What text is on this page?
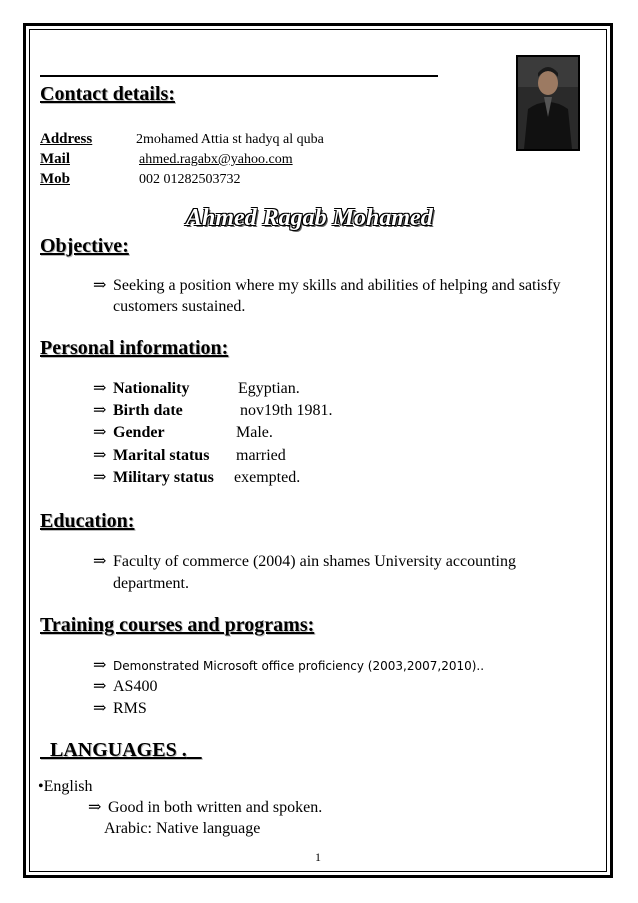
Contact details:
Address	2mohamed Attia st hadyq al quba
Mail	ahmed.ragabx@yahoo.com
Mob	002 01282503732
Ahmed Ragab Mohamed
Objective:
⇒ Seeking a position where my skills and abilities of helping and satisfy
customers sustained.
Personal information:
⇒ Nationality	Egyptian.
⇒ Birth date	nov19th 1981.
⇒ Gender	Male.
⇒ Marital status married
⇒ Military status exempted.
Education:
⇒ Faculty of commerce (2004) ain shames University accounting
department.
Training courses and programs:
⇒ Demonstrated Microsoft office proficiency (2003,2007,2010)..
⇒ AS400
⇒ RMS
LANGUAGES .
•English
⇒ Good in both written and spoken.
Arabic: Native language
1
